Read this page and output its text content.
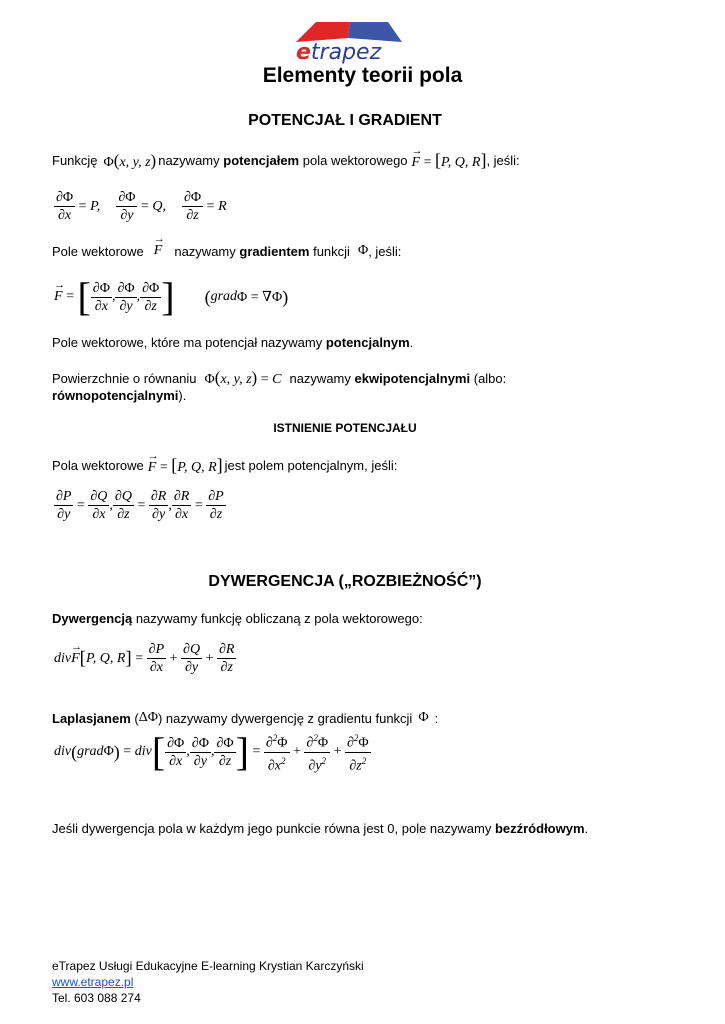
etrapez
Elementy teorii pola
POTENCJAŁ I GRADIENT
Funkcję Φ(x, y, z) nazywamy
potencjałem
pola wektorowego → F = [P, Q, R] , jeśli:
$\frac{\partial\Phi}{\partial x} = P$, $\frac{\partial\Phi}{\partial y} = Q$, $\frac{\partial\Phi}{\partial z} = R$
Pole wektorowe → F nazywamy
gradientem
funkcji Φ , jeśli:
→ F
=
[ $\frac{\partial\Phi}{\partial x}$ , $\frac{\partial\Phi}{\partial y}$ , $\frac{\partial\Phi}{\partial z}$ ] ( grad Φ = ∇Φ )
Pole wektorowe, które ma potencjał nazywamy potencjalnym.
Powierzchnie o równaniu Φ(x, y, z) = C nazywamy
ekwipotencjalnymi
(albo:
równopotencjalnymi).
ISTNIENIE POTENCJAŁU
Pola wektorowe → F = [P, Q, R] jest polem potencjalnym, jeśli:
$\frac{\partial P}{\partial y} = \frac{\partial Q}{\partial x}$ , $\frac{\partial Q}{\partial z} = \frac{\partial R}{\partial y}$ , $\frac{\partial R}{\partial x} = \frac{\partial P}{\partial z}$
DYWERGENCJA („ROZBIEŻNOŚĆ”)
Dywergencją nazywamy funkcję obliczaną z pola wektorowego:
div→ F [ P, Q, R ] = $\frac{\partial P}{\partial x} + \frac{\partial Q}{\partial y} + \frac{\partial R}{\partial z}$
Laplasjanem
( ΔΦ ) nazywamy dywergencję z gradientu funkcji Φ :
div ( grad Φ ) = div [ $\frac{\partial\Phi}{\partial x}$ , $\frac{\partial\Phi}{\partial y}$ , $\frac{\partial\Phi}{\partial z}$ ] = $\frac{\partial^2\Phi}{\partial x^2} + \frac{\partial^2\Phi}{\partial y^2} + \frac{\partial^2\Phi}{\partial z^2}$
Jeśli dywergencja pola w każdym jego punkcie równa jest 0, pole nazywamy bezźródłowym.
eTrapez Usługi Edukacyjne E-learning Krystian Karczyński
www.etrapez.pl
Tel. 603 088 274
